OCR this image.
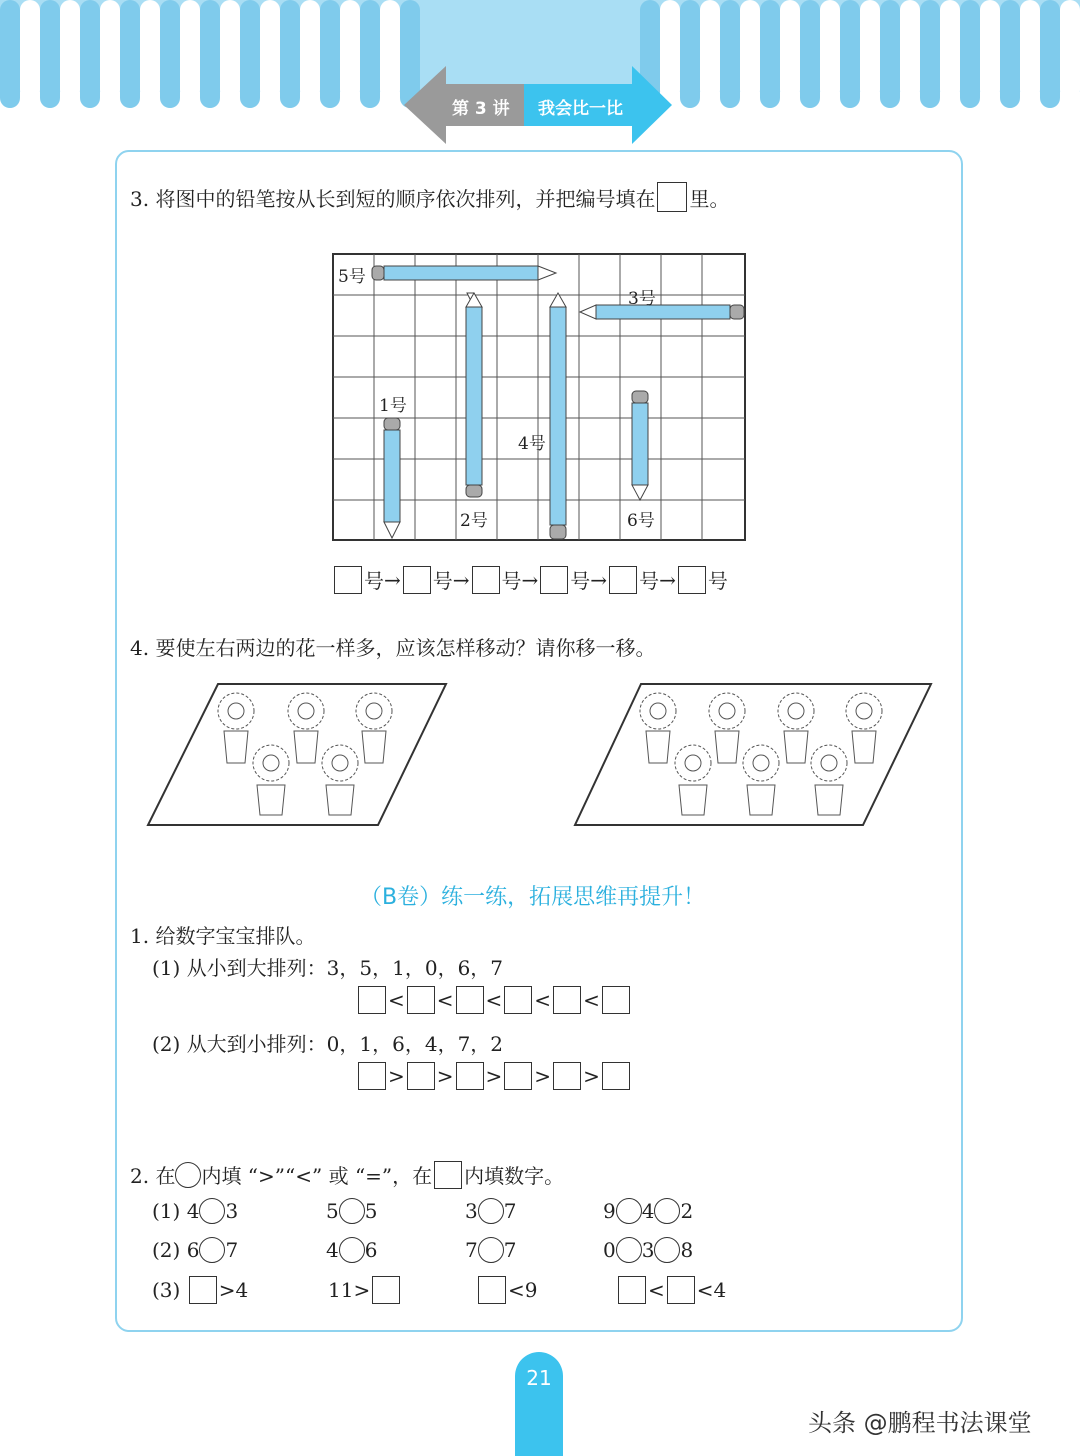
第 3 讲 我会比一比
3. 将图中的铅笔按从长到短的顺序依次排列，并把编号填在 里。
5号
3号
1号
4号
2号	6号
号 → 号 → 号 → 号 → 号 → 号
4. 要使左右两边的花一样多，应该怎样移动？请你移一移。
（B卷）练一练，拓展思维再提升！
1. 给数字宝宝排队。
(1) 从小到大排列：3，5，1，0，6，7
< < < < <
(2) 从大到小排列：0，1，6，4，7，2
> > > > >
2. 在 内填 “>”“<” 或 “=”，在 内填数字。
(1)
4 3	5 5	3 7	9 4 2
(2)
6 7	4 6	7 7	0 3 8
(3)
>4	11>	<9	< <4
21
头条 @鹏程书法课堂
